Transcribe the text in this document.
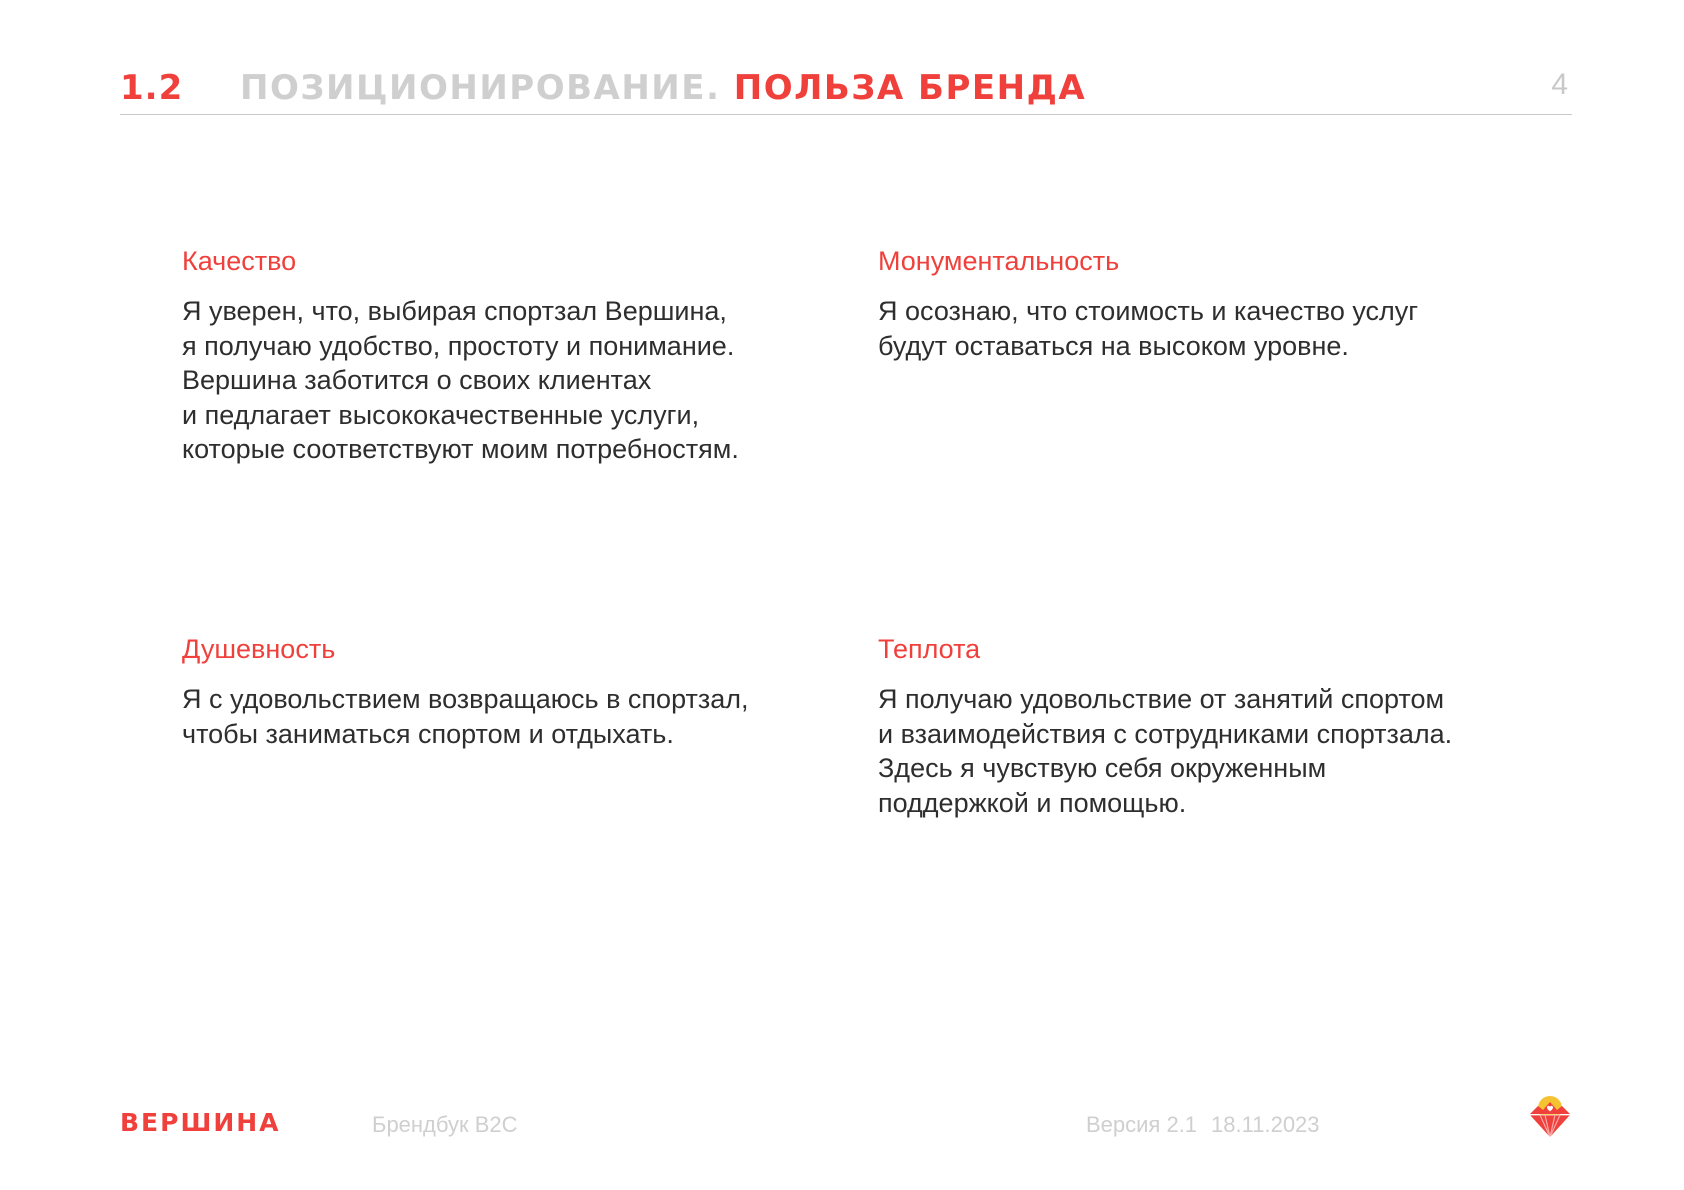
1.2 ПОЗИЦИОНИРОВАНИЕ. ПОЛЬЗА БРЕНДА	4
Качество
Я уверен, что, выбирая спортзал Вершина,
я получаю удобство, простоту и понимание.
Вершина заботится о своих клиентах
и педлагает высококачественные услуги,
которые соответствуют моим потребностям.
Монументальность
Я осознаю, что стоимость и качество услуг
будут оставаться на высоком уровне.
Душевность
Я с удовольствием возвращаюсь в спортзал,
чтобы заниматься спортом и отдыхать.
Теплота
Я получаю удовольствие от занятий спортом
и взаимодействия с сотрудниками спортзала.
Здесь я чувствую себя окруженным
поддержкой и помощью.
ВЕРШИНА	Брендбук B2C	Версия 2.1 18.11.2023
